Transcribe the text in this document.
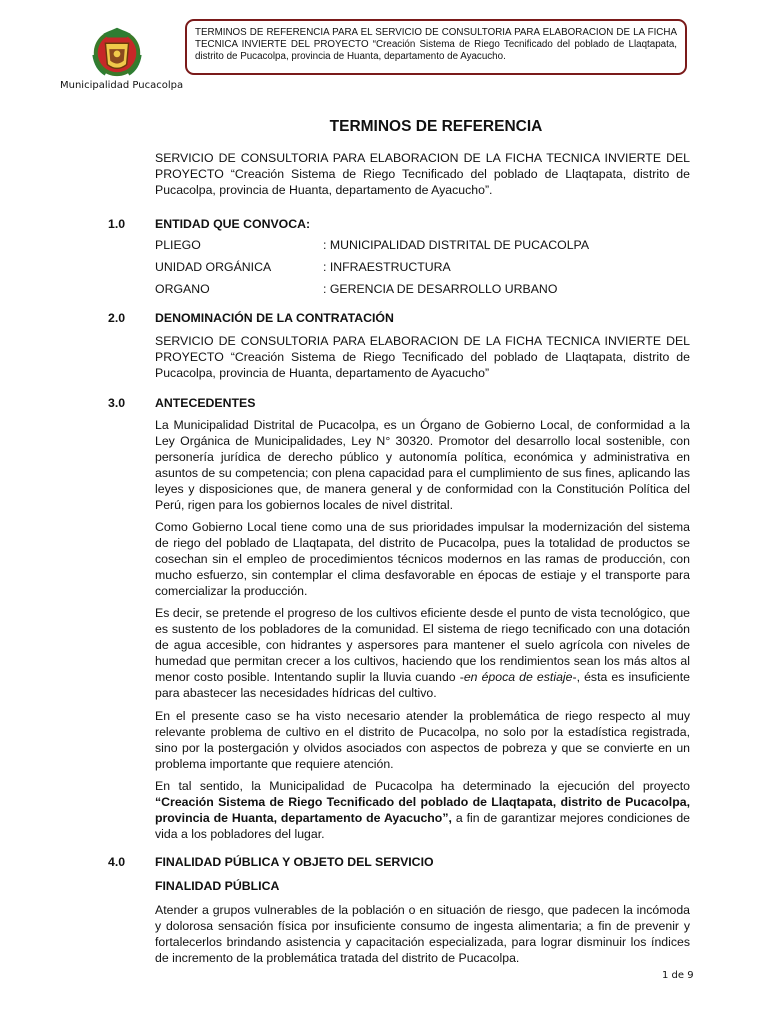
Municipalidad Pucacolpa
TERMINOS DE REFERENCIA PARA EL SERVICIO DE CONSULTORIA PARA ELABORACION DE LA FICHA TECNICA INVIERTE DEL PROYECTO “Creación Sistema de Riego Tecnificado del poblado de Llaqtapata, distrito de Pucacolpa, provincia de Huanta, departamento de Ayacucho.
TERMINOS DE REFERENCIA

SERVICIO DE CONSULTORIA PARA ELABORACION DE LA FICHA TECNICA INVIERTE DEL PROYECTO “Creación Sistema de Riego Tecnificado del poblado de Llaqtapata, distrito de Pucacolpa, provincia de Huanta, departamento de Ayacucho”.

1.0 ENTIDAD QUE CONVOCA:
PLIEGO	: MUNICIPALIDAD DISTRITAL DE PUCACOLPA
UNIDAD ORGÁNICA	: INFRAESTRUCTURA
ORGANO	: GERENCIA DE DESARROLLO URBANO
2.0 DENOMINACIÓN DE LA CONTRATACIÓN

SERVICIO DE CONSULTORIA PARA ELABORACION DE LA FICHA TECNICA INVIERTE DEL PROYECTO “Creación Sistema de Riego Tecnificado del poblado de Llaqtapata, distrito de Pucacolpa, provincia de Huanta, departamento de Ayacucho”

3.0 ANTECEDENTES

La Municipalidad Distrital de Pucacolpa, es un Órgano de Gobierno Local, de conformidad a la Ley Orgánica de Municipalidades, Ley N° 30320. Promotor del desarrollo local sostenible, con personería jurídica de derecho público y autonomía política, económica y administrativa en asuntos de su competencia; con plena capacidad para el cumplimiento de sus fines, aplicando las leyes y disposiciones que, de manera general y de conformidad con la Constitución Política del Perú, rigen para los gobiernos locales de nivel distrital.

Como Gobierno Local tiene como una de sus prioridades impulsar la modernización del sistema de riego del poblado de Llaqtapata, del distrito de Pucacolpa, pues la totalidad de productos se cosechan sin el empleo de procedimientos técnicos modernos en las ramas de producción, con mucho esfuerzo, sin contemplar el clima desfavorable en épocas de estiaje y el transporte para comercializar la producción.

Es decir, se pretende el progreso de los cultivos eficiente desde el punto de vista tecnológico, que es sustento de los pobladores de la comunidad. El sistema de riego tecnificado con una dotación de agua accesible, con hidrantes y aspersores para mantener el suelo agrícola con niveles de humedad que permitan crecer a los cultivos, haciendo que los rendimientos sean los más altos al menor costo posible. Intentando suplir la lluvia cuando -en época de estiaje-, ésta es insuficiente para abastecer las necesidades hídricas del cultivo.

En el presente caso se ha visto necesario atender la problemática de riego respecto al muy relevante problema de cultivo en el distrito de Pucacolpa, no solo por la estadística registrada, sino por la postergación y olvidos asociados con aspectos de pobreza y que se convierte en un problema importante que requiere atención.

En tal sentido, la Municipalidad de Pucacolpa ha determinado la ejecución del proyecto “Creación Sistema de Riego Tecnificado del poblado de Llaqtapata, distrito de Pucacolpa, provincia de Huanta, departamento de Ayacucho”, a fin de garantizar mejores condiciones de vida a los pobladores del lugar.

4.0 FINALIDAD PÚBLICA Y OBJETO DEL SERVICIO
FINALIDAD PÚBLICA

Atender a grupos vulnerables de la población o en situación de riesgo, que padecen la incómoda y dolorosa sensación física por insuficiente consumo de ingesta alimentaria; a fin de prevenir y fortalecerlos brindando asistencia y capacitación especializada, para lograr disminuir los índices de incremento de la problemática tratada del distrito de Pucacolpa.

1 de 9
